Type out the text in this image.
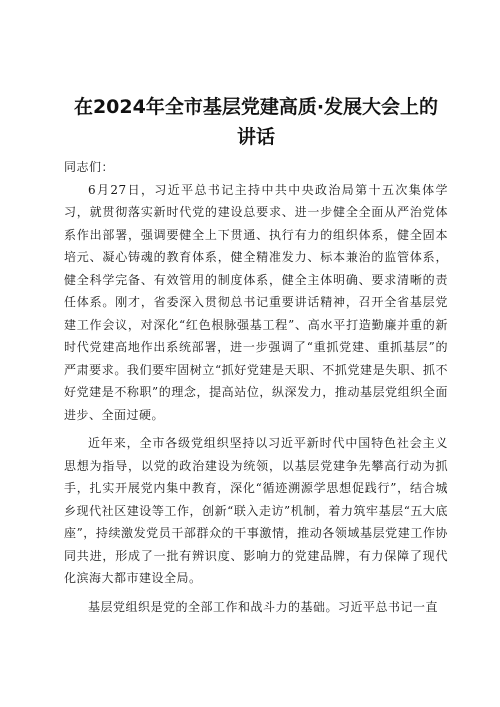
在2024年全市基层党建高质·发展大会上的
讲话

同志们：

6月27日，习近平总书记主持中共中央政治局第十五次集体学习，就贯彻落实新时代党的建设总要求、进一步健全全面从严治党体系作出部署，强调要健全上下贯通、执行有力的组织体系，健全固本培元、凝心铸魂的教育体系，健全精准发力、标本兼治的监管体系，健全科学完备、有效管用的制度体系，健全主体明确、要求清晰的责任体系。刚才，省委深入贯彻总书记重要讲话精神，召开全省基层党建工作会议，对深化“红色根脉强基工程”、高水平打造勤廉并重的新时代党建高地作出系统部署，进一步强调了“重抓党建、重抓基层”的严肃要求。我们要牢固树立“抓好党建是天职、不抓党建是失职、抓不好党建是不称职”的理念，提高站位，纵深发力，推动基层党组织全面进步、全面过硬。

近年来，全市各级党组织坚持以习近平新时代中国特色社会主义思想为指导，以党的政治建设为统领，以基层党建争先攀高行动为抓手，扎实开展党内集中教育，深化“循迹溯源学思想促践行”，结合城乡现代社区建设等工作，创新“联入走访”机制，着力筑牢基层“五大底座”，持续激发党员干部群众的干事激情，推动各领域基层党建工作协同共进，形成了一批有辨识度、影响力的党建品牌，有力保障了现代化滨海大都市建设全局。

基层党组织是党的全部工作和战斗力的基础。习近平总书记一直
